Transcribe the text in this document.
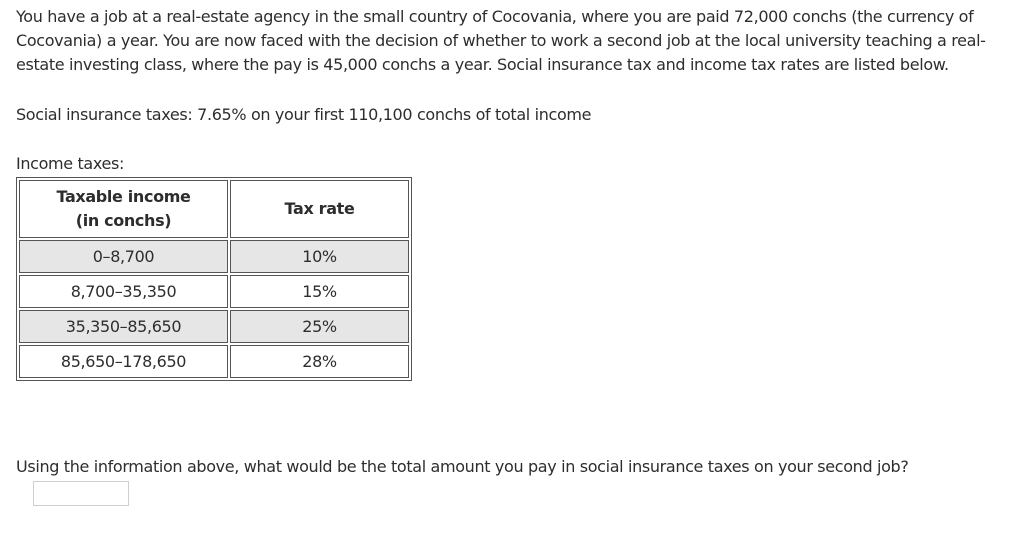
You have a job at a real-estate agency in the small country of Cocovania, where you are paid 72,000 conchs (the currency of Cocovania) a year. You are now faced with the decision of whether to work a second job at the local university teaching a real-estate investing class, where the pay is 45,000 conchs a year. Social insurance tax and income tax rates are listed below.

Social insurance taxes: 7.65% on your first 110,100 conchs of total income

Income taxes:

Taxable income
(in conchs)	Tax rate
0–8,700	10%
8,700–35,350	15%
35,350–85,650	25%
85,650–178,650	28%

Using the information above, what would be the total amount you pay in social insurance taxes on your second job?
